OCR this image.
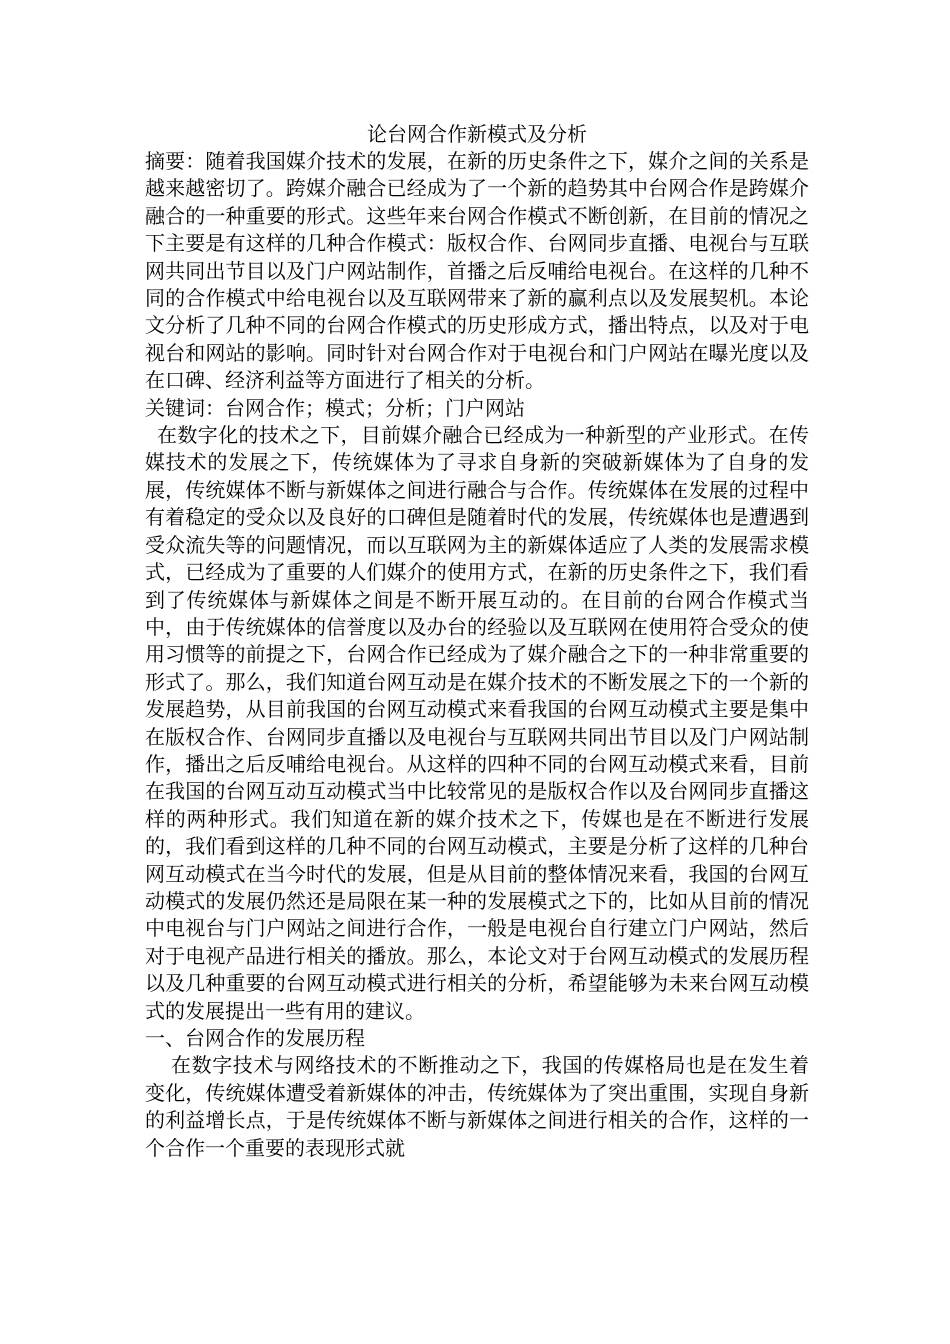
论台网合作新模式及分析

摘要：随着我国媒介技术的发展，在新的历史条件之下，媒介之间的关系是越来越密切了。跨媒介融合已经成为了一个新的趋势其中台网合作是跨媒介融合的一种重要的形式。这些年来台网合作模式不断创新，在目前的情况之下主要是有这样的几种合作模式：版权合作、台网同步直播、电视台与互联网共同出节目以及门户网站制作，首播之后反哺给电视台。在这样的几种不同的合作模式中给电视台以及互联网带来了新的赢利点以及发展契机。本论文分析了几种不同的台网合作模式的历史形成方式，播出特点，以及对于电视台和网站的影响。同时针对台网合作对于电视台和门户网站在曝光度以及在口碑、经济利益等方面进行了相关的分析。

关键词：台网合作；模式；分析；门户网站

在数字化的技术之下，目前媒介融合已经成为一种新型的产业形式。在传媒技术的发展之下，传统媒体为了寻求自身新的突破新媒体为了自身的发展，传统媒体不断与新媒体之间进行融合与合作。传统媒体在发展的过程中有着稳定的受众以及良好的口碑但是随着时代的发展，传统媒体也是遭遇到受众流失等的问题情况，而以互联网为主的新媒体适应了人类的发展需求模式，已经成为了重要的人们媒介的使用方式，在新的历史条件之下，我们看到了传统媒体与新媒体之间是不断开展互动的。在目前的台网合作模式当中，由于传统媒体的信誉度以及办台的经验以及互联网在使用符合受众的使用习惯等的前提之下，台网合作已经成为了媒介融合之下的一种非常重要的形式了。那么，我们知道台网互动是在媒介技术的不断发展之下的一个新的发展趋势，从目前我国的台网互动模式来看我国的台网互动模式主要是集中在版权合作、台网同步直播以及电视台与互联网共同出节目以及门户网站制作，播出之后反哺给电视台。从这样的四种不同的台网互动模式来看，目前在我国的台网互动互动模式当中比较常见的是版权合作以及台网同步直播这样的两种形式。我们知道在新的媒介技术之下，传媒也是在不断进行发展的，我们看到这样的几种不同的台网互动模式，主要是分析了这样的几种台网互动模式在当今时代的发展，但是从目前的整体情况来看，我国的台网互动模式的发展仍然还是局限在某一种的发展模式之下的，比如从目前的情况中电视台与门户网站之间进行合作，一般是电视台自行建立门户网站，然后对于电视产品进行相关的播放。那么，本论文对于台网互动模式的发展历程以及几种重要的台网互动模式进行相关的分析，希望能够为未来台网互动模式的发展提出一些有用的建议。

一、台网合作的发展历程

在数字技术与网络技术的不断推动之下，我国的传媒格局也是在发生着变化，传统媒体遭受着新媒体的冲击，传统媒体为了突出重围，实现自身新的利益增长点，于是传统媒体不断与新媒体之间进行相关的合作，这样的一个合作一个重要的表现形式就
